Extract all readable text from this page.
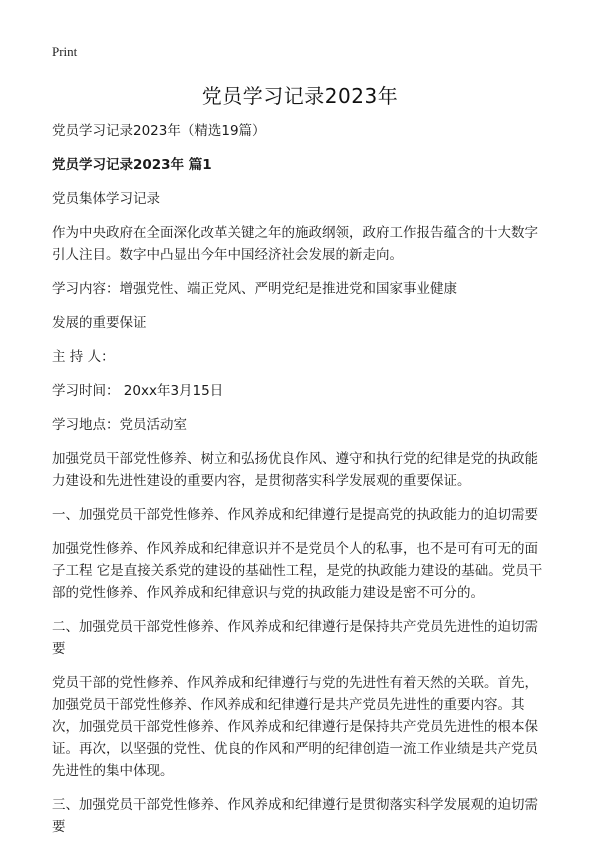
Print
党员学习记录2023年

党员学习记录2023年（精选19篇）

党员学习记录2023年 篇1

党员集体学习记录

作为中央政府在全面深化改革关键之年的施政纲领，政府工作报告蕴含的十大数字引人注目。数字中凸显出今年中国经济社会发展的新走向。

学习内容：增强党性、端正党风、严明党纪是推进党和国家事业健康

发展的重要保证

主 持 人：

学习时间： 20xx年3月15日

学习地点：党员活动室

加强党员干部党性修养、树立和弘扬优良作风、遵守和执行党的纪律是党的执政能力建设和先进性建设的重要内容，是贯彻落实科学发展观的重要保证。

一、加强党员干部党性修养、作风养成和纪律遵行是提高党的执政能力的迫切需要

加强党性修养、作风养成和纪律意识并不是党员个人的私事，也不是可有可无的面子工程 它是直接关系党的建设的基础性工程，是党的执政能力建设的基础。党员干部的党性修养、作风养成和纪律意识与党的执政能力建设是密不可分的。

二、加强党员干部党性修养、作风养成和纪律遵行是保持共产党员先进性的迫切需要

党员干部的党性修养、作风养成和纪律遵行与党的先进性有着天然的关联。首先，加强党员干部党性修养、作风养成和纪律遵行是共产党员先进性的重要内容。其次，加强党员干部党性修养、作风养成和纪律遵行是保持共产党员先进性的根本保证。再次，以坚强的党性、优良的作风和严明的纪律创造一流工作业绩是共产党员先进性的集中体现。

三、加强党员干部党性修养、作风养成和纪律遵行是贯彻落实科学发展观的迫切需要
